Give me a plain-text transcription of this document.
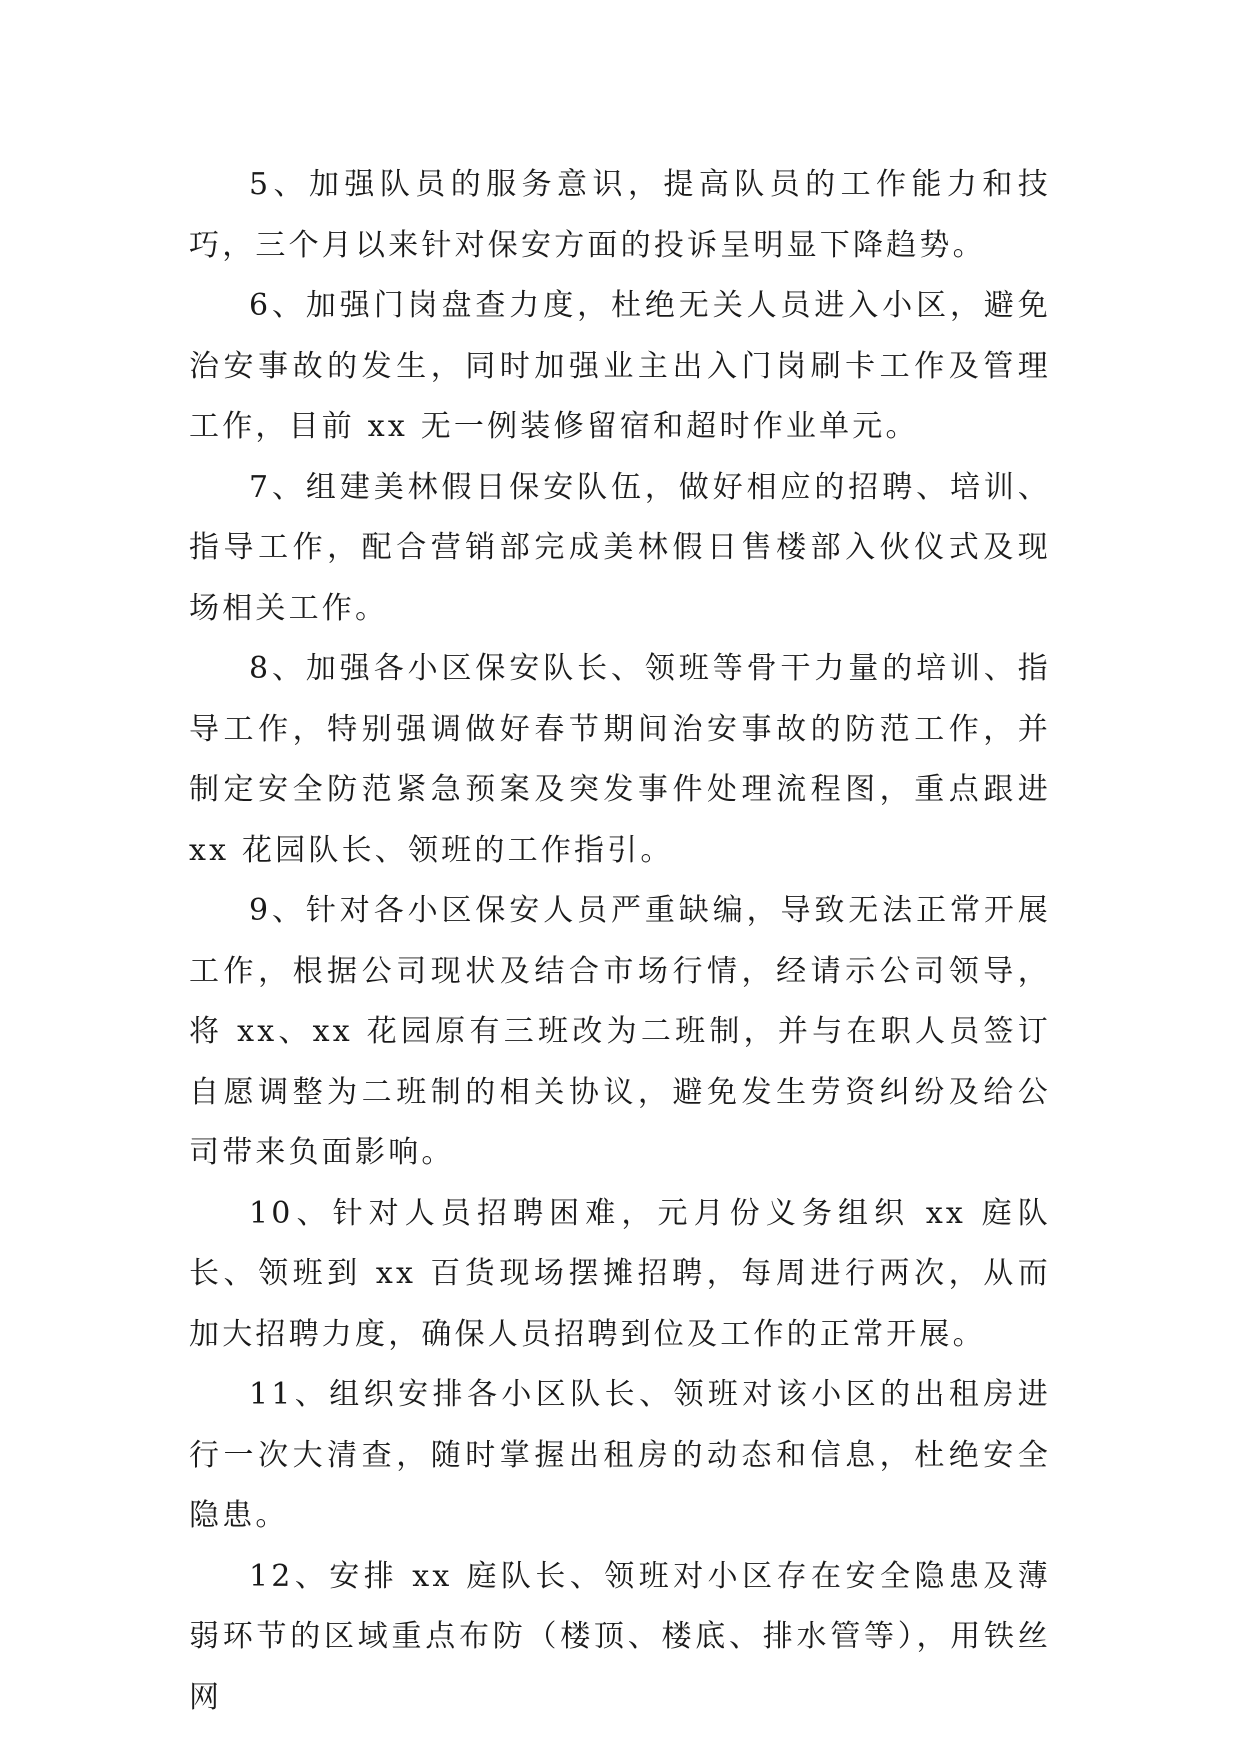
5、加强队员的服务意识，提高队员的工作能力和技巧，三个月以来针对保安方面的投诉呈明显下降趋势。

6、加强门岗盘查力度，杜绝无关人员进入小区，避免治安事故的发生，同时加强业主出入门岗刷卡工作及管理工作，目前 xx 无一例装修留宿和超时作业单元。

7、组建美林假日保安队伍，做好相应的招聘、培训、指导工作，配合营销部完成美林假日售楼部入伙仪式及现场相关工作。

8、加强各小区保安队长、领班等骨干力量的培训、指导工作，特别强调做好春节期间治安事故的防范工作，并制定安全防范紧急预案及突发事件处理流程图，重点跟进 xx 花园队长、领班的工作指引。

9、针对各小区保安人员严重缺编，导致无法正常开展工作，根据公司现状及结合市场行情，经请示公司领导，将 xx、xx 花园原有三班改为二班制，并与在职人员签订自愿调整为二班制的相关协议，避免发生劳资纠纷及给公司带来负面影响。

10、针对人员招聘困难，元月份义务组织 xx 庭队长、领班到 xx 百货现场摆摊招聘，每周进行两次，从而加大招聘力度，确保人员招聘到位及工作的正常开展。

11、组织安排各小区队长、领班对该小区的出租房进行一次大清查，随时掌握出租房的动态和信息，杜绝安全隐患。

12、安排 xx 庭队长、领班对小区存在安全隐患及薄弱环节的区域重点布防（楼顶、楼底、排水管等），用铁丝网
